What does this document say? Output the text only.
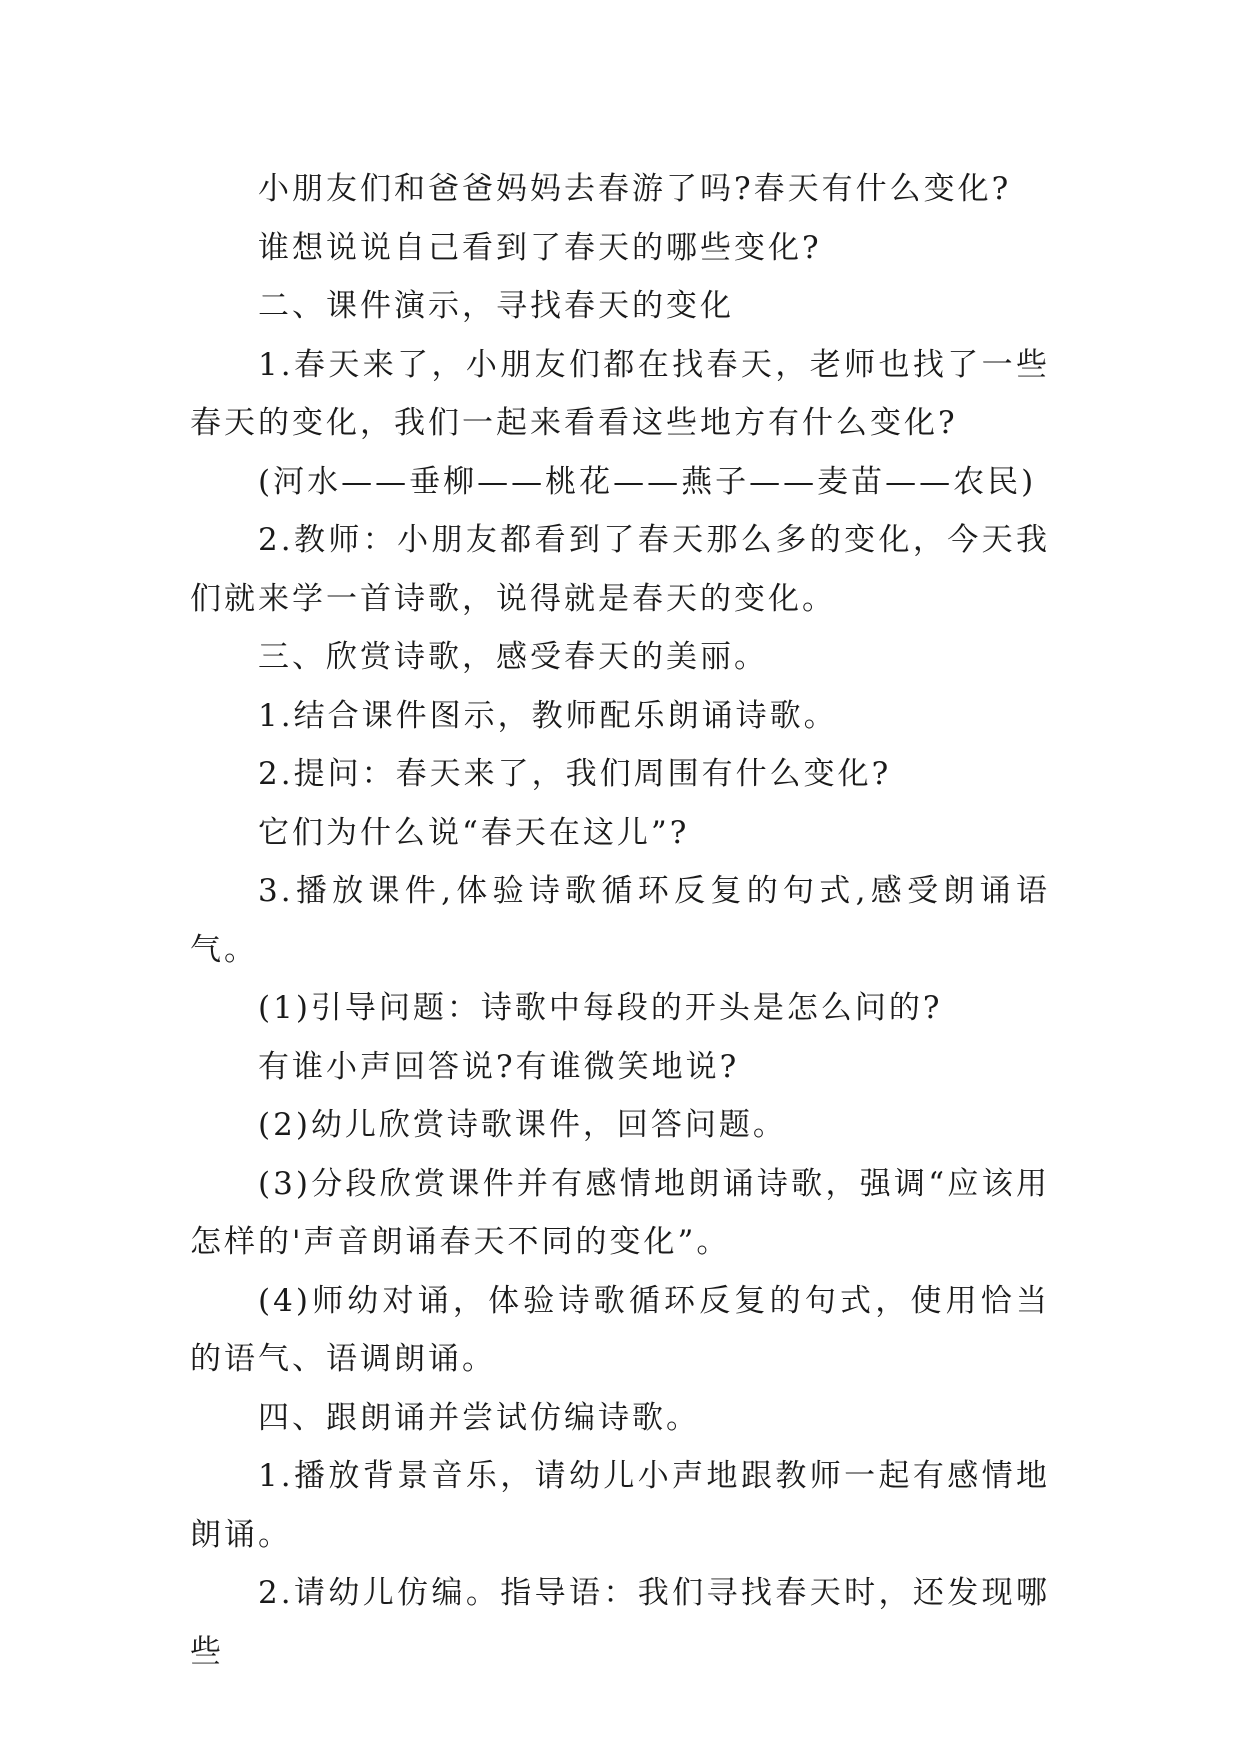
小朋友们和爸爸妈妈去春游了吗?春天有什么变化?

谁想说说自己看到了春天的哪些变化?

二、课件演示，寻找春天的变化

1.春天来了，小朋友们都在找春天，老师也找了一些春天的变化，我们一起来看看这些地方有什么变化?

(河水——垂柳——桃花——燕子——麦苗——农民)

2.教师：小朋友都看到了春天那么多的变化，今天我们就来学一首诗歌，说得就是春天的变化。

三、欣赏诗歌，感受春天的美丽。

1.结合课件图示，教师配乐朗诵诗歌。

2.提问：春天来了，我们周围有什么变化?

它们为什么说“春天在这儿”?

3.播放课件,体验诗歌循环反复的句式,感受朗诵语气。

(1)引导问题：诗歌中每段的开头是怎么问的?

有谁小声回答说?有谁微笑地说?

(2)幼儿欣赏诗歌课件，回答问题。

(3)分段欣赏课件并有感情地朗诵诗歌，强调“应该用怎样的'声音朗诵春天不同的变化”。

(4)师幼对诵，体验诗歌循环反复的句式，使用恰当的语气、语调朗诵。

四、跟朗诵并尝试仿编诗歌。

1.播放背景音乐，请幼儿小声地跟教师一起有感情地朗诵。

2.请幼儿仿编。指导语：我们寻找春天时，还发现哪些
